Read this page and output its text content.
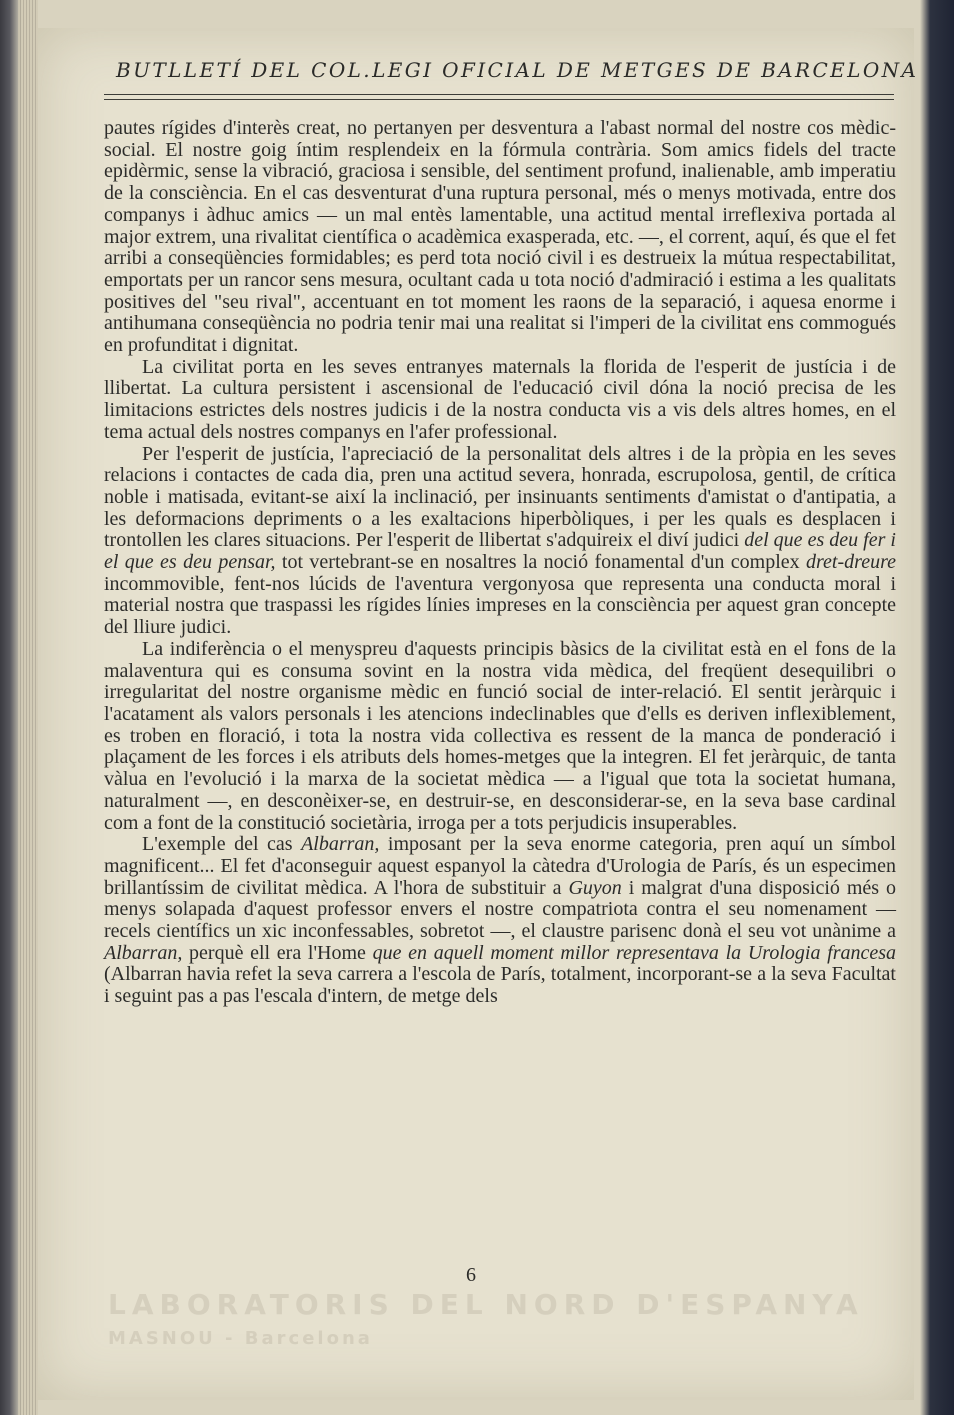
BUTLLETÍ DEL COL.LEGI OFICIAL DE METGES DE BARCELONA

pautes rígides d'interès creat, no pertanyen per desventura a l'abast normal del nostre cos mèdic-social. El nostre goig íntim resplendeix en la fórmula contrària. Som amics fidels del tracte epidèrmic, sense la vibració, graciosa i sensible, del sentiment profund, inalienable, amb imperatiu de la consciència. En el cas desventurat d'una ruptura personal, més o menys motivada, entre dos companys i àdhuc amics — un mal entès lamentable, una actitud mental irreflexiva portada al major extrem, una rivalitat científica o acadèmica exasperada, etc. —, el corrent, aquí, és que el fet arribi a conseqüències formidables; es perd tota noció civil i es destrueix la mútua respectabilitat, emportats per un rancor sens mesura, ocultant cada u tota noció d'admiració i estima a les qualitats positives del "seu rival", accentuant en tot moment les raons de la separació, i aquesa enorme i antihumana conseqüència no podria tenir mai una realitat si l'imperi de la civilitat ens commogués en profunditat i dignitat.

La civilitat porta en les seves entranyes maternals la florida de l'esperit de justícia i de llibertat. La cultura persistent i ascensional de l'educació civil dóna la noció precisa de les limitacions estrictes dels nostres judicis i de la nostra conducta vis a vis dels altres homes, en el tema actual dels nostres companys en l'afer professional.

Per l'esperit de justícia, l'apreciació de la personalitat dels altres i de la pròpia en les seves relacions i contactes de cada dia, pren una actitud severa, honrada, escrupolosa, gentil, de crítica noble i matisada, evitant-se així la inclinació, per insinuants sentiments d'amistat o d'antipatia, a les deformacions depriments o a les exaltacions hiperbòliques, i per les quals es desplacen i trontollen les clares situacions. Per l'esperit de llibertat s'adquireix el diví judici del que es deu fer i el que es deu pensar, tot vertebrant-se en nosaltres la noció fonamental d'un complex dret-dreure incommovible, fent-nos lúcids de l'aventura vergonyosa que representa una conducta moral i material nostra que traspassi les rígides línies impreses en la consciència per aquest gran concepte del lliure judici.

La indiferència o el menyspreu d'aquests principis bàsics de la civilitat està en el fons de la malaventura qui es consuma sovint en la nostra vida mèdica, del freqüent desequilibri o irregularitat del nostre organisme mèdic en funció social de inter-relació. El sentit jeràrquic i l'acatament als valors personals i les atencions indeclinables que d'ells es deriven inflexiblement, es troben en floració, i tota la nostra vida collectiva es ressent de la manca de ponderació i plaçament de les forces i els atributs dels homes-metges que la integren. El fet jeràrquic, de tanta vàlua en l'evolució i la marxa de la societat mèdica — a l'igual que tota la societat humana, naturalment —, en desconèixer-se, en destruir-se, en desconsiderar-se, en la seva base cardinal com a font de la constitució societària, irroga per a tots perjudicis insuperables.

L'exemple del cas Albarran, imposant per la seva enorme categoria, pren aquí un símbol magnificent... El fet d'aconseguir aquest espanyol la càtedra d'Urologia de París, és un especimen brillantíssim de civilitat mèdica. A l'hora de substituir a Guyon i malgrat d'una disposició més o menys solapada d'aquest professor envers el nostre compatriota contra el seu nomenament — recels científics un xic inconfessables, sobretot —, el claustre parisenc donà el seu vot unànime a Albarran, perquè ell era l'Home que en aquell moment millor representava la Urologia francesa (Albarran havia refet la seva carrera a l'escola de París, totalment, incorporant-se a la seva Facultat i seguint pas a pas l'escala d'intern, de metge dels

6
LABORATORIS DEL NORD D'ESPANYA
MASNOU - Barcelona
